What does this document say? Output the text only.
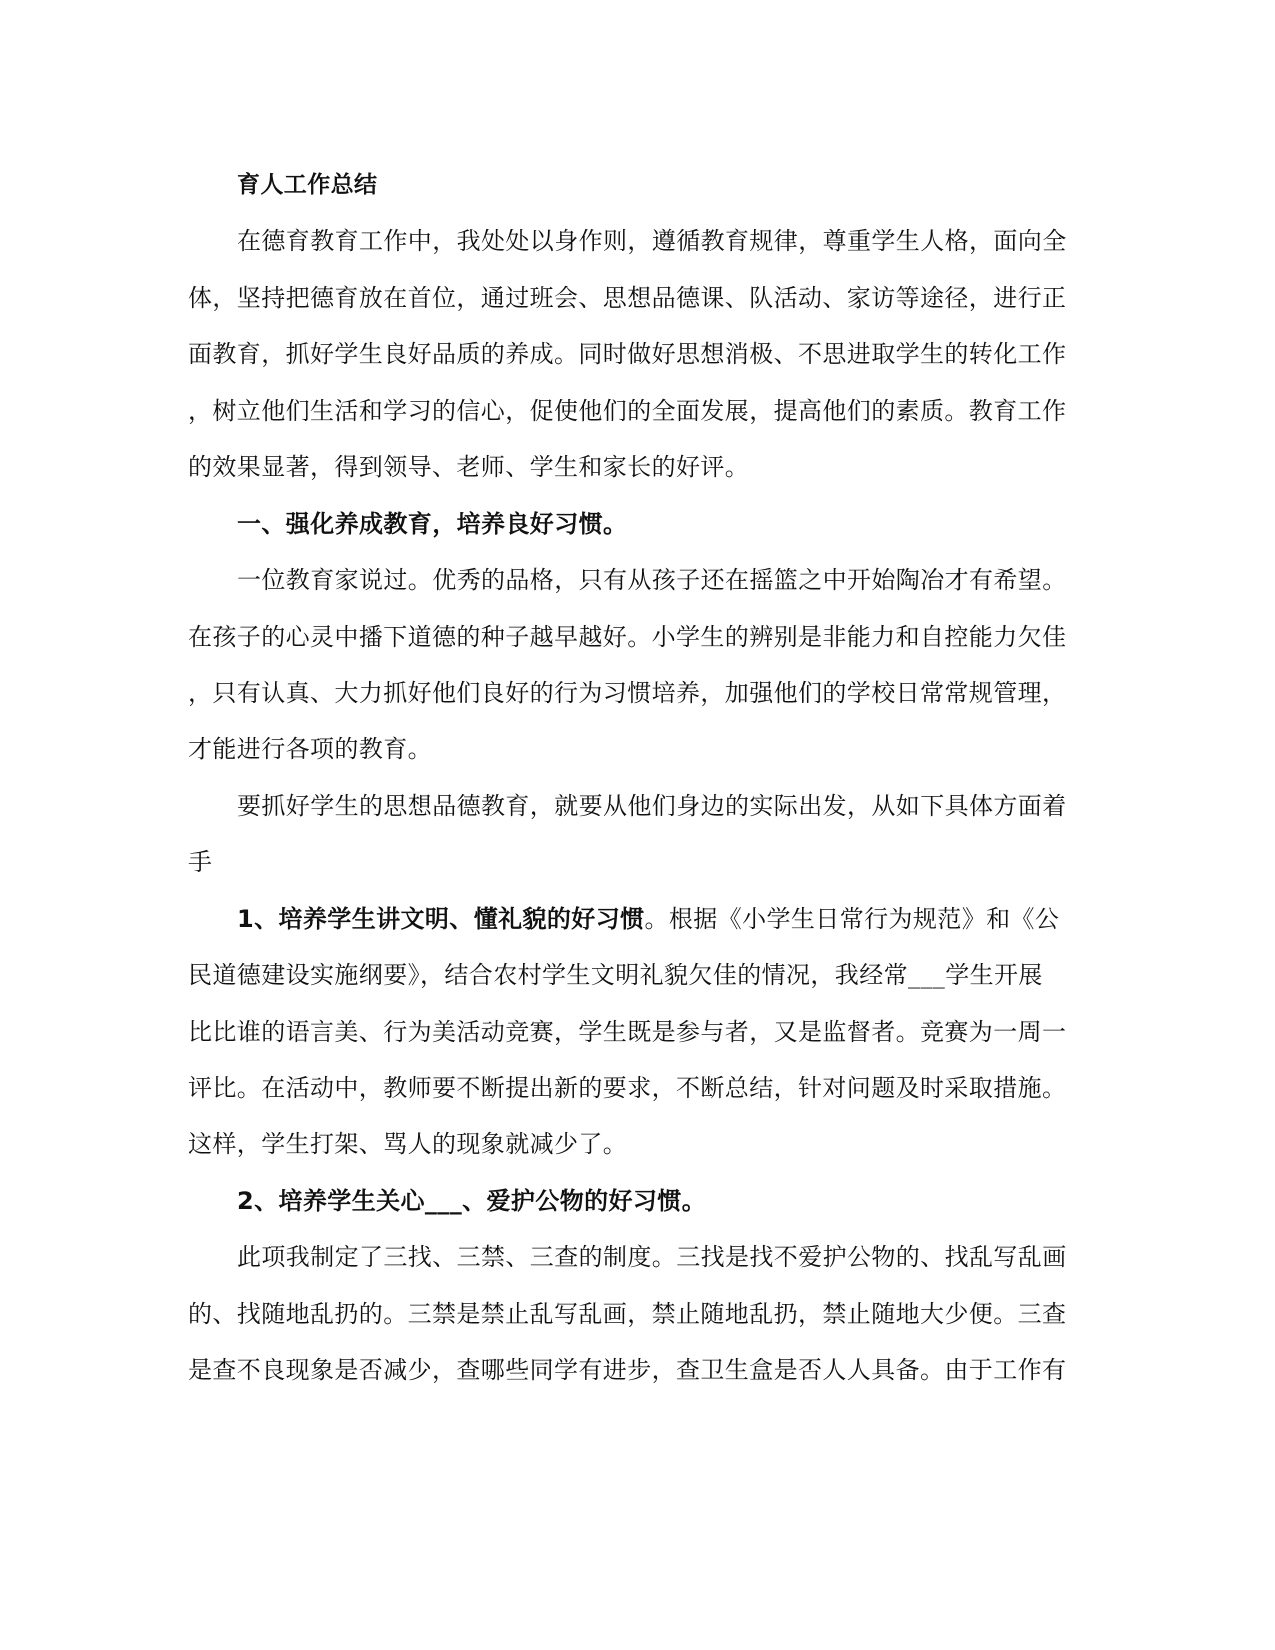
育人工作总结
在德育教育工作中，我处处以身作则，遵循教育规律，尊重学生人格，面向全
体，坚持把德育放在首位，通过班会、思想品德课、队活动、家访等途径，进行正
面教育，抓好学生良好品质的养成。同时做好思想消极、不思进取学生的转化工作
，树立他们生活和学习的信心，促使他们的全面发展，提高他们的素质。教育工作
的效果显著，得到领导、老师、学生和家长的好评。
一、强化养成教育，培养良好习惯。
一位教育家说过。优秀的品格，只有从孩子还在摇篮之中开始陶冶才有希望。
在孩子的心灵中播下道德的种子越早越好。小学生的辨别是非能力和自控能力欠佳
，只有认真、大力抓好他们良好的行为习惯培养，加强他们的学校日常常规管理，
才能进行各项的教育。
要抓好学生的思想品德教育，就要从他们身边的实际出发，从如下具体方面着
手
1、培养学生讲文明、懂礼貌的好习惯。根据《小学生日常行为规范》和《公
民道德建设实施纲要》，结合农村学生文明礼貌欠佳的情况，我经常___学生开展
比比谁的语言美、行为美活动竞赛，学生既是参与者，又是监督者。竞赛为一周一
评比。在活动中，教师要不断提出新的要求，不断总结，针对问题及时采取措施。
这样，学生打架、骂人的现象就减少了。
2、培养学生关心___、爱护公物的好习惯。
此项我制定了三找、三禁、三查的制度。三找是找不爱护公物的、找乱写乱画
的、找随地乱扔的。三禁是禁止乱写乱画，禁止随地乱扔，禁止随地大少便。三查
是查不良现象是否减少，查哪些同学有进步，查卫生盒是否人人具备。由于工作有
